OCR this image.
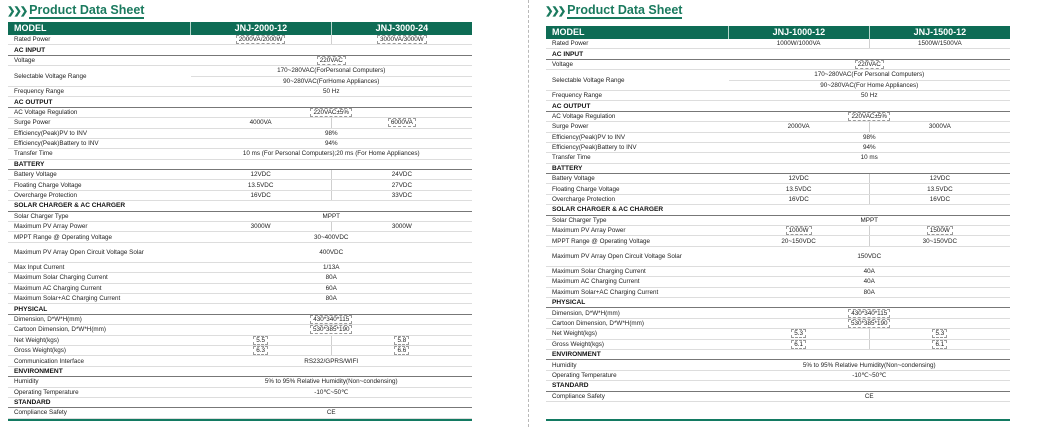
❯❯❯ Product Data Sheet
MODEL	JNJ-2000-12	JNJ-3000-24
Rated Power	2000VA/2000W	3000VA/3000W
AC INPUT		
Voltage	220VAC	
Selectable Voltage Range	170~280VAC(ForPersonal Computers)	
	90~280VAC(ForHome Appliances)	
Frequency Range	50 Hz	
AC OUTPUT		
AC Voltage Regulation	220VAC±5%	
Surge Power	4000VA	6000VA
Efficiency(Peak)PV to INV	98%	
Efficiency(Peak)Battery to INV	94%	
Transfer Time	10 ms (For Personal Computers);20 ms (For Home Appliances)	
BATTERY		
Battery Voltage	12VDC	24VDC
Floating Charge Voltage	13.5VDC	27VDC
Overcharge Protection	16VDC	33VDC
SOLAR CHARGER & AC CHARGER		
Solar Charger Type	MPPT	
Maximum PV Array Power	3000W	3000W
MPPT Range @ Operating Voltage	30~400VDC	
Maximum PV Array Open Circuit Voltage Solar	400VDC	
Max Input Current	1/13A	
Maximum Solar Charging Current	80A	
Maximum AC Charging Current	60A	
Maximum Solar+AC Charging Current	80A	
PHYSICAL		
Dimension, D*W*H(mm)	430*340*115	
Cartoon Dimension, D*W*H(mm)	530*385*190	
Net Weight(kgs)	5.5	5.8
Gross Weight(kgs)	6.3	6.6
Communication Interface	RS232/GPRS/WIFI	
ENVIRONMENT		
Humidity	5% to 95% Relative Humidity(Non~condensing)	
Operating Temperature	-10℃~50℃	
STANDARD		
Compliance Safety	CE	
❯❯❯ Product Data Sheet
MODEL	JNJ-1000-12	JNJ-1500-12
Rated Power	1000W/1000VA	1500W/1500VA
AC INPUT		
Voltage	220VAC	
Selectable Voltage Range	170~280VAC(For Personal Computers)	
	90~280VAC(For Home Appliances)	
Frequency Range	50 Hz	
AC OUTPUT		
AC Voltage Regulation	220VAC±5%	
Surge Power	2000VA	3000VA
Efficiency(Peak)PV to INV	98%	
Efficiency(Peak)Battery to INV	94%	
Transfer Time	10 ms	
BATTERY		
Battery Voltage	12VDC	12VDC
Floating Charge Voltage	13.5VDC	13.5VDC
Overcharge Protection	16VDC	16VDC
SOLAR CHARGER & AC CHARGER		
Solar Charger Type	MPPT	
Maximum PV Array Power	1000W	1500W
MPPT Range @ Operating Voltage	20~150VDC	30~150VDC
Maximum PV Array Open Circuit Voltage Solar	150VDC	
Maximum Solar Charging Current	40A	
Maximum AC Charging Current	40A	
Maximum Solar+AC Charging Current	80A	
PHYSICAL		
Dimension, D*W*H(mm)	430*340*115	
Cartoon Dimension, D*W*H(mm)	530*385*190	
Net Weight(kgs)	5.3	5.3
Gross Weight(kgs)	6.1	6.1
ENVIRONMENT		
Humidity	5% to 95% Relative Humidity(Non~condensing)	
Operating Temperature	-10℃~50℃	
STANDARD		
Compliance Safety	CE	
